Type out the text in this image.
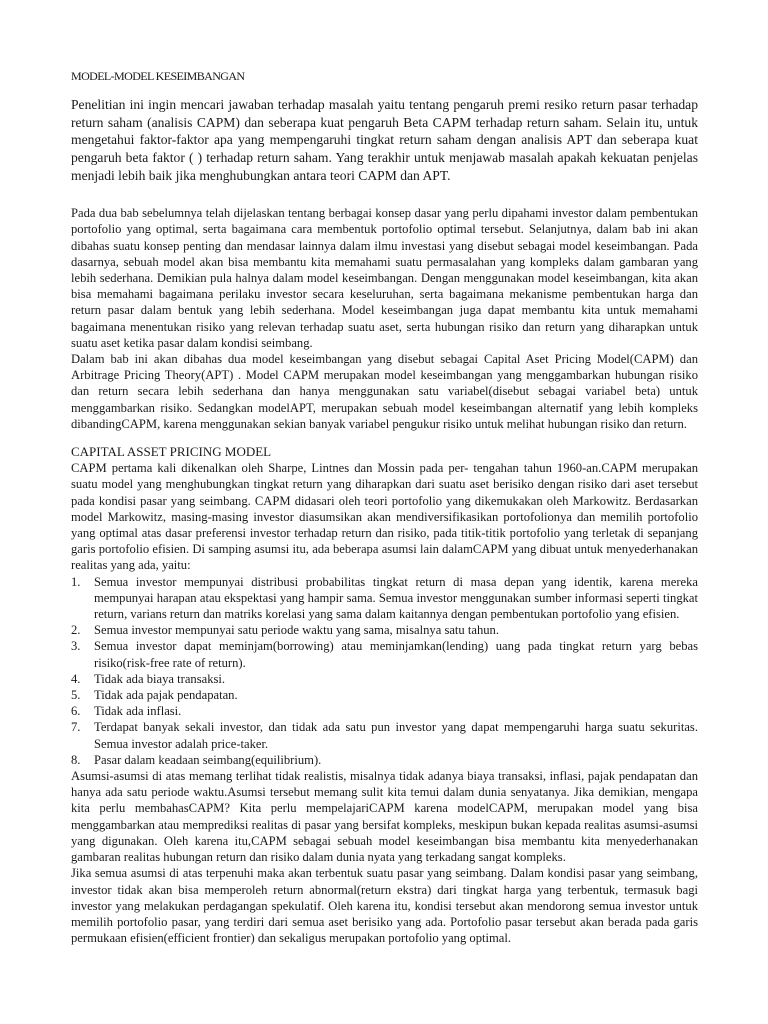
MODEL-MODEL KESEIMBANGAN

Penelitian ini ingin mencari jawaban terhadap masalah yaitu tentang pengaruh premi resiko return pasar terhadap return saham (analisis CAPM) dan seberapa kuat pengaruh Beta CAPM terhadap return saham. Selain itu, untuk mengetahui faktor-faktor apa yang mempengaruhi tingkat return saham dengan analisis APT dan seberapa kuat pengaruh beta faktor ( ) terhadap return saham. Yang terakhir untuk menjawab masalah apakah kekuatan penjelas menjadi lebih baik jika menghubungkan antara teori CAPM dan APT.

Pada dua bab sebelumnya telah dijelaskan tentang berbagai konsep dasar yang perlu dipahami investor dalam pembentukan portofolio yang optimal, serta bagaimana cara membentuk portofolio optimal tersebut. Selanjutnya, dalam bab ini akan dibahas suatu konsep penting dan mendasar lainnya dalam ilmu investasi yang disebut sebagai model keseimbangan. Pada dasarnya, sebuah model akan bisa membantu kita memahami suatu permasalahan yang kompleks dalam gambaran yang lebih sederhana. Demikian pula halnya dalam model keseimbangan. Dengan menggunakan model keseimbangan, kita akan bisa memahami bagaimana perilaku investor secara keseluruhan, serta bagaimana mekanisme pembentukan harga dan return pasar dalam bentuk yang lebih sederhana. Model keseimbangan juga dapat membantu kita untuk memahami bagaimana menentukan risiko yang relevan terhadap suatu aset, serta hubungan risiko dan return yang diharapkan untuk suatu aset ketika pasar dalam kondisi seimbang.

Dalam bab ini akan dibahas dua model keseimbangan yang disebut sebagai Capital Aset Pricing Model(CAPM) dan Arbitrage Pricing Theory(APT) . Model CAPM merupakan model keseimbangan yang menggambarkan hubungan risiko dan return secara lebih sederhana dan hanya menggunakan satu variabel(disebut sebagai variabel beta) untuk menggambarkan risiko. Sedangkan modelAPT, merupakan sebuah model keseimbangan alternatif yang lebih kompleks dibandingCAPM, karena menggunakan sekian banyak variabel pengukur risiko untuk melihat hubungan risiko dan return.

CAPITAL ASSET PRICING MODEL

CAPM pertama kali dikenalkan oleh Sharpe, Lintnes dan Mossin pada per- tengahan tahun 1960-an.CAPM merupakan suatu model yang menghubungkan tingkat return yang diharapkan dari suatu aset berisiko dengan risiko dari aset tersebut pada kondisi pasar yang seimbang. CAPM didasari oleh teori portofolio yang dikemukakan oleh Markowitz. Berdasarkan model Markowitz, masing-masing investor diasumsikan akan mendiversifikasikan portofolionya dan memilih portofolio yang optimal atas dasar preferensi investor terhadap return dan risiko, pada titik-titik portofolio yang terletak di sepanjang garis portofolio efisien. Di samping asumsi itu, ada beberapa asumsi lain dalamCAPM yang dibuat untuk menyederhanakan realitas yang ada, yaitu:

1.	Semua investor mempunyai distribusi probabilitas tingkat return di masa depan yang identik, karena mereka mempunyai harapan atau ekspektasi yang hampir sama. Semua investor menggunakan sumber informasi seperti tingkat return, varians return dan matriks korelasi yang sama dalam kaitannya dengan pembentukan portofolio yang efisien.
2.	Semua investor mempunyai satu periode waktu yang sama, misalnya satu tahun.
3.	Semua investor dapat meminjam(borrowing) atau meminjamkan(lending) uang pada tingkat return yarg bebas risiko(risk-free rate of return).
4.	Tidak ada biaya transaksi.
5.	Tidak ada pajak pendapatan.
6.	Tidak ada inflasi.
7.	Terdapat banyak sekali investor, dan tidak ada satu pun investor yang dapat mempengaruhi harga suatu sekuritas. Semua investor adalah price-taker.
8.	Pasar dalam keadaan seimbang(equilibrium).

Asumsi-asumsi di atas memang terlihat tidak realistis, misalnya tidak adanya biaya transaksi, inflasi, pajak pendapatan dan hanya ada satu periode waktu.Asumsi tersebut memang sulit kita temui dalam dunia senyatanya. Jika demikian, mengapa kita perlu membahasCAPM? Kita perlu mempelajariCAPM karena modelCAPM, merupakan model yang bisa menggambarkan atau memprediksi realitas di pasar yang bersifat kompleks, meskipun bukan kepada realitas asumsi-asumsi yang digunakan. Oleh karena itu,CAPM sebagai sebuah model keseimbangan bisa membantu kita menyederhanakan gambaran realitas hubungan return dan risiko dalam dunia nyata yang terkadang sangat kompleks.

Jika semua asumsi di atas terpenuhi maka akan terbentuk suatu pasar yang seimbang. Dalam kondisi pasar yang seimbang, investor tidak akan bisa memperoleh return abnormal(return ekstra) dari tingkat harga yang terbentuk, termasuk bagi investor yang melakukan perdagangan spekulatif. Oleh karena itu, kondisi tersebut akan mendorong semua investor untuk memilih portofolio pasar, yang terdiri dari semua aset berisiko yang ada. Portofolio pasar tersebut akan berada pada garis permukaan efisien(efficient frontier) dan sekaligus merupakan portofolio yang optimal.
